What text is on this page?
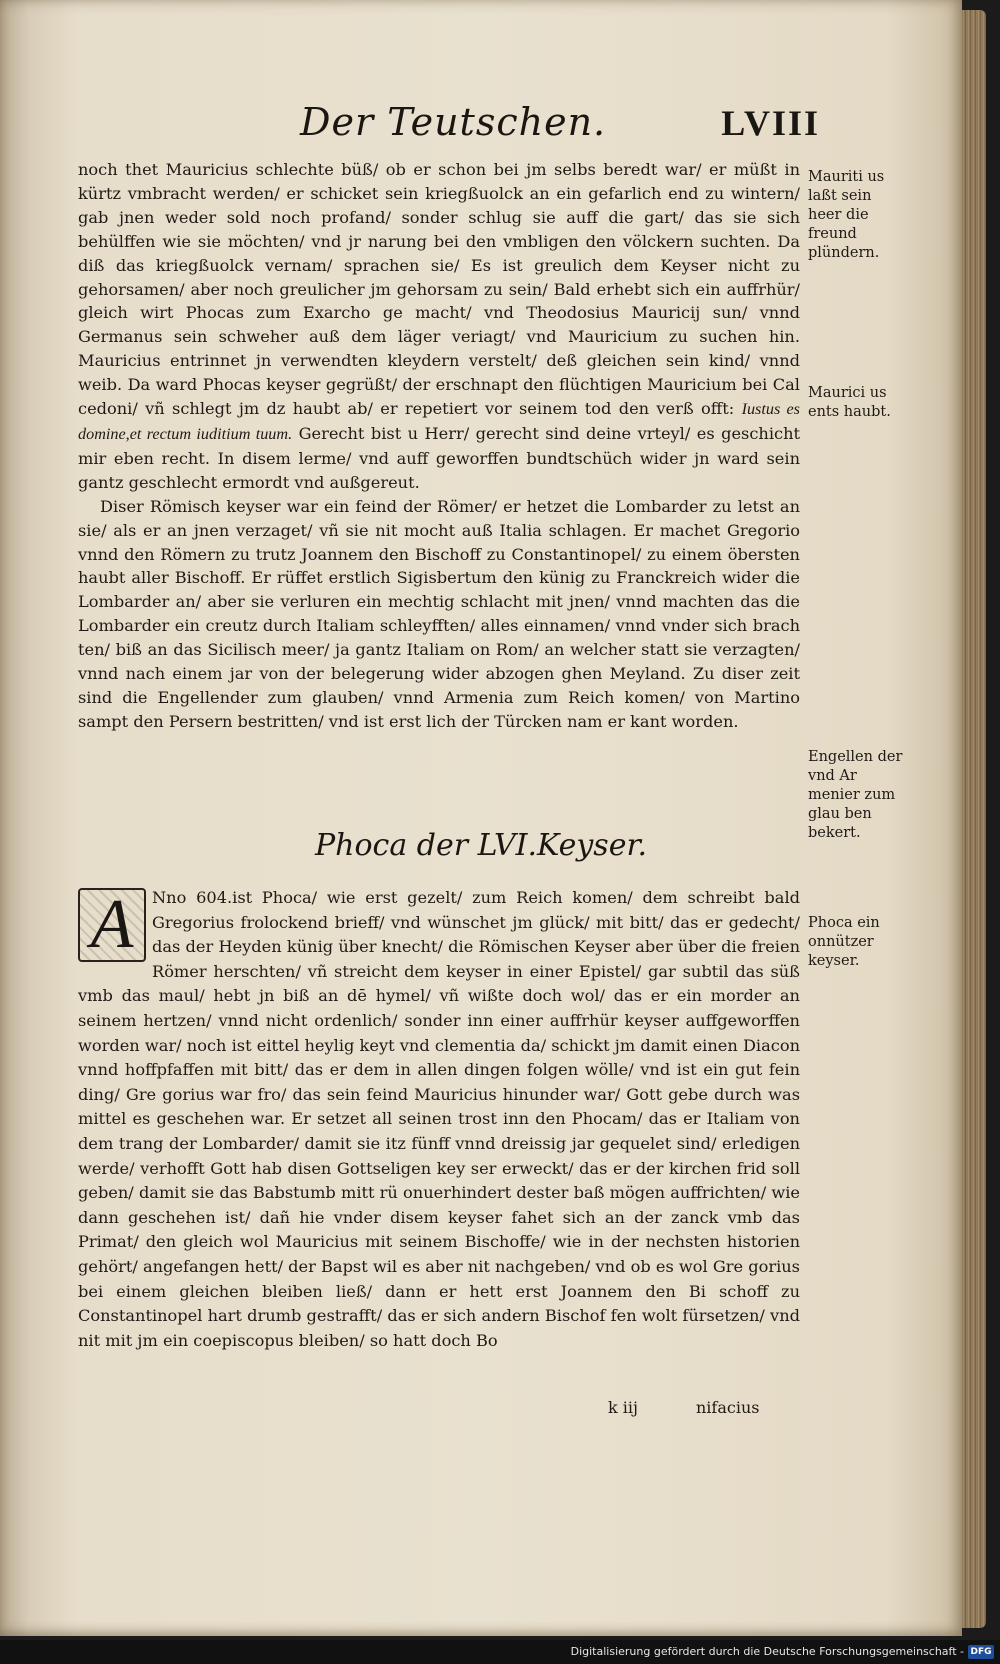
Der Teutschen.	LVIII

noch thet Mauricius schlechte büß/ ob er schon bei jm selbs beredt war/ er müßt in kürtz vmbracht werden/ er schicket sein kriegßuolck an ein gefarlich end zu wintern/ gab jnen weder sold noch profand/ sonder schlug sie auff die gart/ das sie sich behülffen wie sie möchten/ vnd jr narung bei den vmbligen den völckern suchten. Da diß das kriegßuolck vernam/ sprachen sie/ Es ist greulich dem Keyser nicht zu gehorsamen/ aber noch greulicher jm gehorsam zu sein/ Bald erhebt sich ein auffrhür/ gleich wirt Phocas zum Exarcho ge macht/ vnd Theodosius Mauricij sun/ vnnd Germanus sein schweher auß dem läger veriagt/ vnd Mauricium zu suchen hin. Mauricius entrinnet jn verwendten kleydern verstelt/ deß gleichen sein kind/ vnnd weib. Da ward Phocas keyser gegrüßt/ der erschnapt den flüchtigen Mauricium bei Cal cedoni/ vñ schlegt jm dz haubt ab/ er repetiert vor seinem tod den verß offt: Iustus es domine,et rectum iuditium tuum. Gerecht bist u Herr/ gerecht sind deine vrteyl/ es geschicht mir eben recht. In disem lerme/ vnd auff geworffen bundtschüch wider jn ward sein gantz geschlecht ermordt vnd außgereut.

Diser Römisch keyser war ein feind der Römer/ er hetzet die Lombarder zu letst an sie/ als er an jnen verzaget/ vñ sie nit mocht auß Italia schlagen. Er machet Gregorio vnnd den Römern zu trutz Joannem den Bischoff zu Constantinopel/ zu einem öbersten haubt aller Bischoff. Er rüffet erstlich Sigisbertum den künig zu Franckreich wider die Lombarder an/ aber sie verluren ein mechtig schlacht mit jnen/ vnnd machten das die Lombarder ein creutz durch Italiam schleyfften/ alles einnamen/ vnnd vnder sich brach ten/ biß an das Sicilisch meer/ ja gantz Italiam on Rom/ an welcher statt sie verzagten/ vnnd nach einem jar von der belegerung wider abzogen ghen Meyland. Zu diser zeit sind die Engellender zum glauben/ vnnd Armenia zum Reich komen/ von Martino sampt den Persern bestritten/ vnd ist erst lich der Türcken nam er kant worden.

Mauriti us laßt sein heer die freund plündern.
Maurici us ents haubt.
Engellen der vnd Ar menier zum glau ben bekert.
Phoca ein onnützer keyser.
Phoca der LVI.Keyser.
A	Nno 604.ist Phoca/ wie erst gezelt/ zum Reich komen/ dem schreibt bald Gregorius frolockend brieff/ vnd wünschet jm glück/ mit bitt/ das er gedecht/ das der Heyden künig über knecht/ die Römischen Keyser aber über die freien Römer herschten/ vñ streicht dem keyser in einer Epistel/ gar subtil das süß vmb das maul/ hebt jn biß an dē hymel/ vñ wißte doch wol/ das er ein morder an seinem hertzen/ vnnd nicht ordenlich/ sonder inn einer auffrhür keyser auffgeworffen worden war/ noch ist eittel heylig keyt vnd clementia da/ schickt jm damit einen Diacon vnnd hoffpfaffen mit bitt/ das er dem in allen dingen folgen wölle/ vnd ist ein gut fein ding/ Gre gorius war fro/ das sein feind Mauricius hinunder war/ Gott gebe durch was mittel es geschehen war. Er setzet all seinen trost inn den Phocam/ das er Italiam von dem trang der Lombarder/ damit sie itz fünff vnnd dreissig jar gequelet sind/ erledigen werde/ verhofft Gott hab disen Gottseligen key ser erweckt/ das er der kirchen frid soll geben/ damit sie das Babstumb mitt rü onuerhindert dester baß mögen auffrichten/ wie dann geschehen ist/ dañ hie vnder disem keyser fahet sich an der zanck vmb das Primat/ den gleich wol Mauricius mit seinem Bischoffe/ wie in der nechsten historien gehört/ angefangen hett/ der Bapst wil es aber nit nachgeben/ vnd ob es wol Gre gorius bei einem gleichen bleiben ließ/ dann er hett erst Joannem den Bi schoff zu Constantinopel hart drumb gestrafft/ das er sich andern Bischof fen wolt fürsetzen/ vnd nit mit jm ein coepiscopus bleiben/ so hatt doch Bo

k iij	nifacius
Digitalisierung gefördert durch die Deutsche Forschungsgemeinschaft - DFG
